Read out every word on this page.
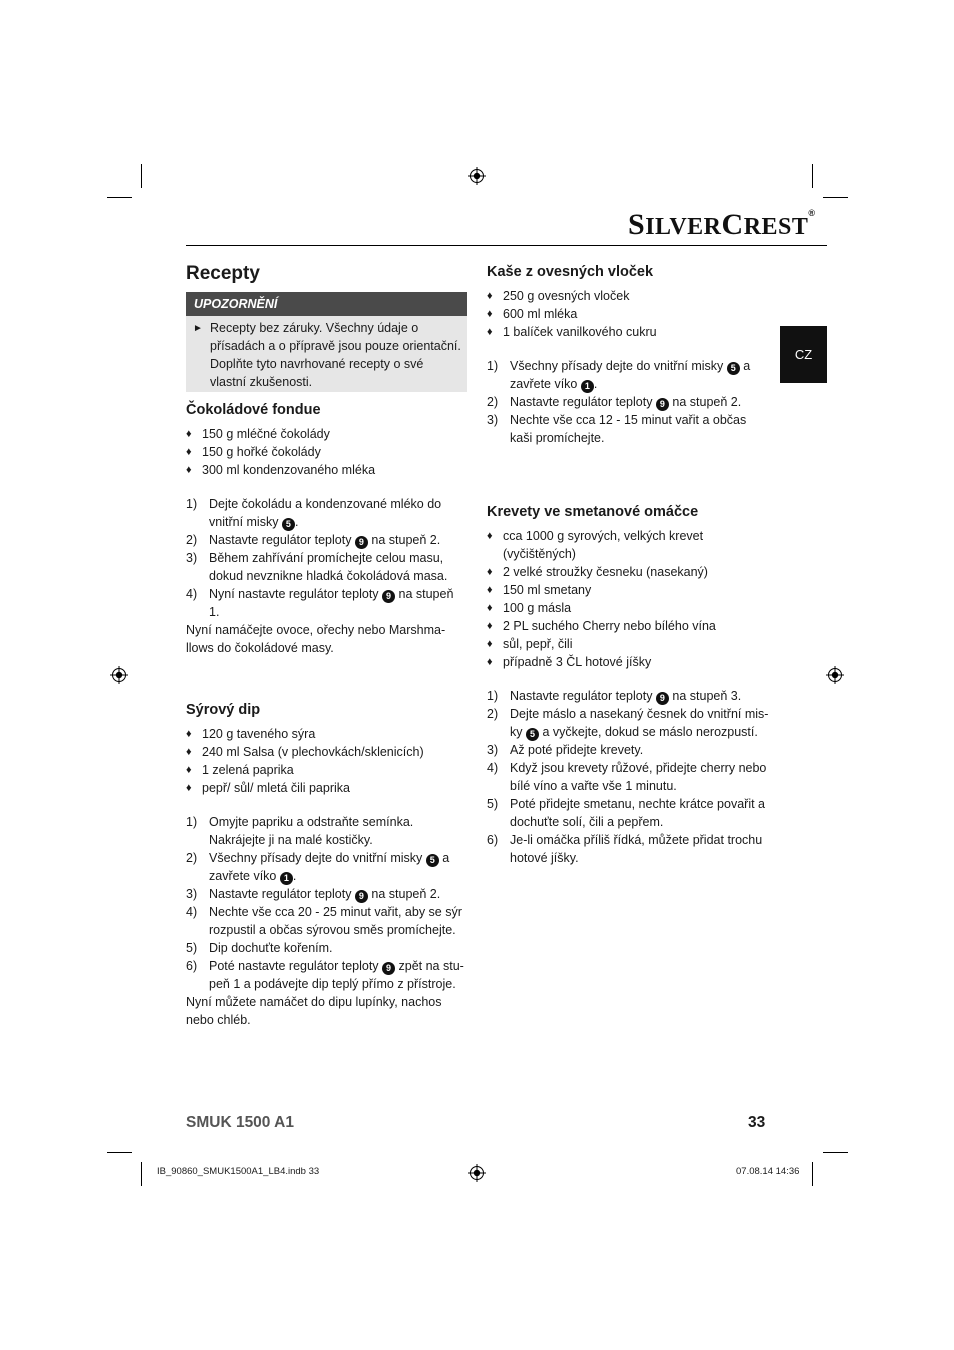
SILVERCREST®
CZ
Recepty
UPOZORNĚNÍ
► Recepty bez záruky. Všechny údaje o přísadách a o přípravě jsou pouze orientační. Doplňte tyto navrhované recepty o své vlastní zkušenosti.

Čokoládové fondue

♦ 150 g mléčné čokolády

♦ 150 g hořké čokolády

♦ 300 ml kondenzovaného mléka

1) Dejte čokoládu a kondenzované mléko do vnitřní misky 5 .

2) Nastavte regulátor teploty 9 na stupeň 2.

3) Během zahřívání promíchejte celou masu, dokud nevznikne hladká čokoládová masa.

4) Nyní nastavte regulátor teploty 9 na stupeň 1.

Nyní namáčejte ovoce, ořechy nebo Marshma-llows do čokoládové masy.

Sýrový dip

♦ 120 g taveného sýra

♦ 240 ml Salsa (v plechovkách/sklenicích)

♦ 1 zelená paprika

♦ pepř/ sůl/ mletá čili paprika

1) Omyjte papriku a odstraňte semínka. Nakrájejte ji na malé kostičky.

2) Všechny přísady dejte do vnitřní misky 5 a zavřete víko 1 .

3) Nastavte regulátor teploty 9 na stupeň 2.

4) Nechte vše cca 20 - 25 minut vařit, aby se sýr rozpustil a občas sýrovou směs promíchejte.

5) Dip dochuťte kořením.

6) Poté nastavte regulátor teploty 9 zpět na stu-peň 1 a podávejte dip teplý přímo z přístroje.

Nyní můžete namáčet do dipu lupínky, nachos nebo chléb.

Kaše z ovesných vloček

♦ 250 g ovesných vloček

♦ 600 ml mléka

♦ 1 balíček vanilkového cukru

1) Všechny přísady dejte do vnitřní misky 5 a zavřete víko 1 .

2) Nastavte regulátor teploty 9 na stupeň 2.

3) Nechte vše cca 12 - 15 minut vařit a občas kaši promíchejte.

Krevety ve smetanové omáčce

♦ cca 1000 g syrových, velkých krevet (vyčištěných)

♦ 2 velké stroužky česneku (nasekaný)

♦ 150 ml smetany

♦ 100 g másla

♦ 2 PL suchého Cherry nebo bílého vína

♦ sůl, pepř, čili

♦ případně 3 ČL hotové jíšky

1) Nastavte regulátor teploty 9 na stupeň 3.

2) Dejte máslo a nasekaný česnek do vnitřní mis-ky 5 a vyčkejte, dokud se máslo nerozpustí.

3) Až poté přidejte krevety.

4) Když jsou krevety růžové, přidejte cherry nebo bílé víno a vařte vše 1 minutu.

5) Poté přidejte smetanu, nechte krátce povařit a dochuťte solí, čili a pepřem.

6) Je-li omáčka příliš řídká, můžete přidat trochu hotové jíšky.

SMUK 1500 A1	33
IB_90860_SMUK1500A1_LB4.indb 33	07.08.14 14:36
